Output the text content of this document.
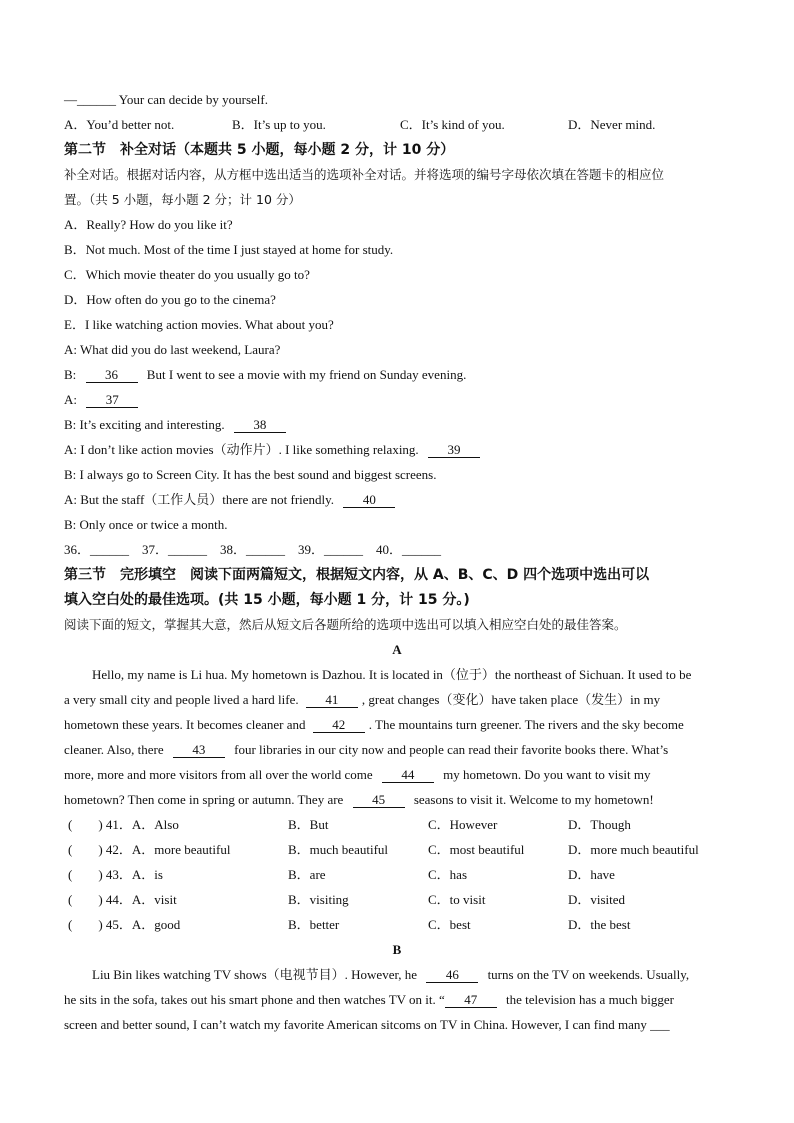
—______ Your can decide by yourself.
A．You’d better not.	B．It’s up to you.	C．It’s kind of you.	D．Never mind.
第二节　补全对话（本题共 5 小题，每小题 2 分，计 10 分）
补全对话。根据对话内容，从方框中选出适当的选项补全对话。并将选项的编号字母依次填在答题卡的相应位
置。（共 5 小题，每小题 2 分；计 10 分）
A．Really? How do you like it?
B．Not much. Most of the time I just stayed at home for study.
C．Which movie theater do you usually go to?
D．How often do you go to the cinema?
E．I like watching action movies. What about you?
A: What did you do last weekend, Laura?
B: 36 But I went to see a movie with my friend on Sunday evening.
A: 37
B: It’s exciting and interesting. 38
A: I don’t like action movies（动作片）. I like something relaxing. 39
B: I always go to Screen City. It has the best sound and biggest screens.
A: But the staff（工作人员）there are not friendly. 40
B: Only once or twice a month.
36．______　37．______　38．______　39．______　40．______
第三节　完形填空　阅读下面两篇短文，根据短文内容，从 A、B、C、D 四个选项中选出可以
填入空白处的最佳选项。(共 15 小题，每小题 1 分，计 15 分。)
阅读下面的短文，掌握其大意，然后从短文后各题所给的选项中选出可以填入相应空白处的最佳答案。
A
Hello, my name is Li hua. My hometown is Dazhou. It is located in（位于）the northeast of Sichuan. It used to be
a very small city and people lived a hard life. 41 , great changes（变化）have taken place（发生）in my
hometown these years. It becomes cleaner and 42 . The mountains turn greener. The rivers and the sky become
cleaner. Also, there 43 four libraries in our city now and people can read their favorite books there. What’s
more, more and more visitors from all over the world come 44 my hometown. Do you want to visit my
hometown? Then come in spring or autumn. They are 45 seasons to visit it. Welcome to my hometown!
(　　) 41．A．Also	B．But	C．However	D．Though
(　　) 42．A．more beautiful	B．much beautiful	C．most beautiful	D．more much beautiful
(　　) 43．A．is	B．are	C．has	D．have
(　　) 44．A．visit	B．visiting	C．to visit	D．visited
(　　) 45．A．good	B．better	C．best	D．the best
B
Liu Bin likes watching TV shows（电视节目）. However, he 46 turns on the TV on weekends. Usually,
he sits in the sofa, takes out his smart phone and then watches TV on it. “ 47 the television has a much bigger
screen and better sound, I can’t watch my favorite American sitcoms on TV in China. However, I can find many ___
